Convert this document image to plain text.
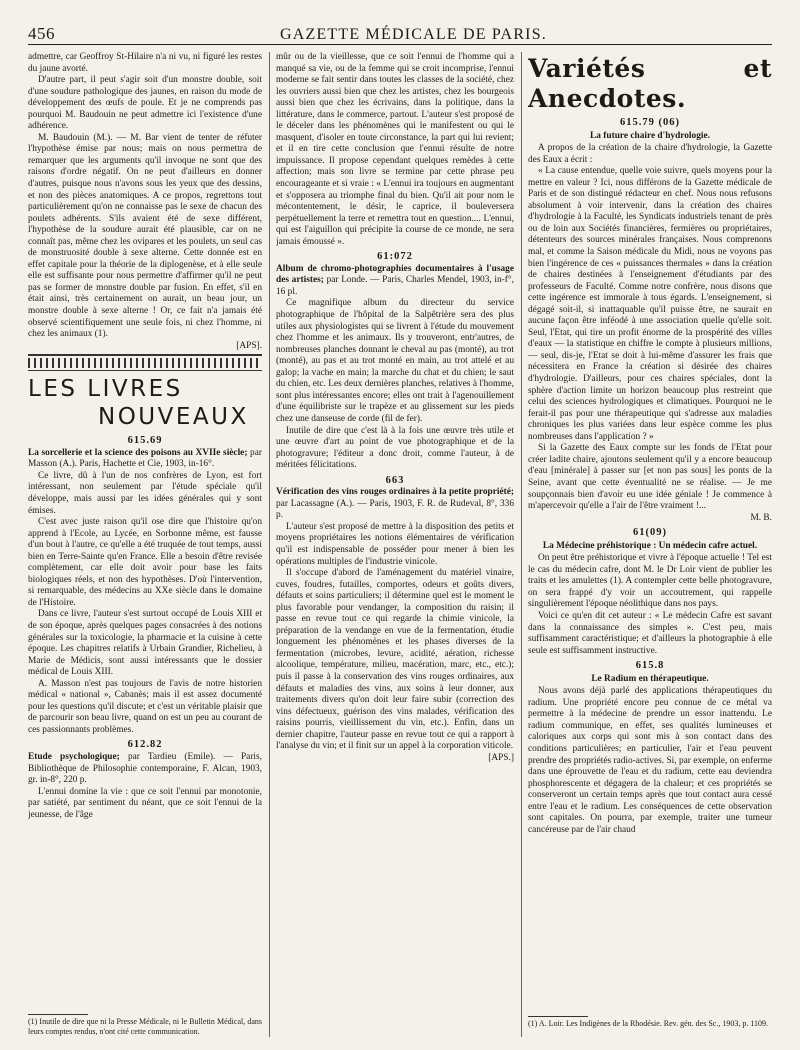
456	GAZETTE MÉDICALE DE PARIS.

admettre, car Geoffroy St-Hilaire n'a ni vu, ni figuré les restes du jaune avorté.

D'autre part, il peut s'agir soit d'un monstre double, soit d'une soudure pathologique des jaunes, en raison du mode de développement des œufs de poule. Et je ne comprends pas pourquoi M. Baudouin ne peut admettre ici l'existence d'une adhérence.

M. Baudouin (M.). — M. Bar vient de tenter de réfuter l'hypothèse émise par nous; mais on nous permettra de remarquer que les arguments qu'il invoque ne sont que des raisons d'ordre négatif. On ne peut d'ailleurs en donner d'autres, puisque nous n'avons sous les yeux que des dessins, et non des pièces anatomiques. A ce propos, regrettons tout particulièrement qu'on ne connaisse pas le sexe de chacun des poulets adhérents. S'ils avaient été de sexe différent, l'hypothèse de la soudure aurait été plausible, car on ne connaît pas, même chez les ovipares et les poulets, un seul cas de monstruosité double à sexe alterne. Cette donnée est en effet capitale pour la théorie de la diplogenèse, et à elle seule elle est suffisante pour nous permettre d'affirmer qu'il ne peut pas se former de monstre double par fusion. En effet, s'il en était ainsi, très certainement on aurait, un beau jour, un monstre double à sexe alterne ! Or, ce fait n'a jamais été observé scientifiquement une seule fois, ni chez l'homme, ni chez les animaux (1).

[APS].

LES LIVRES
NOUVEAUX
615.69

La sorcellerie et la science des poisons au XVIIe siècle; par Masson (A.). Paris, Hachette et Cie, 1903, in-16°.

Ce livre, dû à l'un de nos confrères de Lyon, est fort intéressant, non seulement par l'étude spéciale qu'il développe, mais aussi par les idées générales qui y sont émises.

C'est avec juste raison qu'il ose dire que l'histoire qu'on apprend à l'Ecole, au Lycée, en Sorbonne même, est fausse d'un bout à l'autre, ce qu'elle a été truquée de tout temps, aussi bien en Terre-Sainte qu'en France. Elle a besoin d'être revisée complètement, car elle doit avoir pour base les faits biologiques réels, et non des hypothèses. D'où l'intervention, si remarquable, des médecins au XXe siècle dans le domaine de l'Histoire.

Dans ce livre, l'auteur s'est surtout occupé de Louis XIII et de son époque, après quelques pages consacrées à des notions générales sur la toxicologie, la pharmacie et la cuisine à cette époque. Les chapitres relatifs à Urbain Grandier, Richelieu, à Marie de Médicis, sont aussi intéressants que le dossier médical de Louis XIII.

A. Masson n'est pas toujours de l'avis de notre historien médical « national », Cabanès; mais il est assez documenté pour les questions qu'il discute; et c'est un véritable plaisir que de parcourir son beau livre, quand on est un peu au courant de ces passionnants problèmes.

612.82

Etude psychologique; par Tardieu (Emile). — Paris, Bibliothèque de Philosophie contemporaine, F. Alcan, 1903, gr. in-8°, 220 p.

L'ennui domine la vie : que ce soit l'ennui par monotonie, par satiété, par sentiment du néant, que ce soit l'ennui de la jeunesse, de l'âge

(1) Inutile de dire que ni la Presse Médicale, ni le Bulletin Médical, dans leurs comptes rendus, n'ont cité cette communication.

mûr ou de la vieillesse, que ce soit l'ennui de l'homme qui a manqué sa vie, ou de la femme qui se croit incomprise, l'ennui moderne se fait sentir dans toutes les classes de la société, chez les ouvriers aussi bien que chez les artistes, chez les bourgeois aussi bien que chez les écrivains, dans la politique, dans la littérature, dans le commerce, partout. L'auteur s'est proposé de le déceler dans les phénomènes qui le manifestent ou qui le masquent, d'isoler en toute circonstance, la part qui lui revient; et il en tire cette conclusion que l'ennui résulte de notre impuissance. Il propose cependant quelques remèdes à cette affection; mais son livre se termine par cette phrase peu encourageante et si vraie : « L'ennui ira toujours en augmentant et s'opposera au triomphe final du bien. Qu'il ait pour nom le mécontentement, le désir, le caprice, il bouleversera perpétuellement la terre et remettra tout en question.... L'ennui, qui est l'aiguillon qui précipite la course de ce monde, ne sera jamais émoussé ».

61:072

Album de chromo-photographies documentaires à l'usage des artistes; par Londe. — Paris, Charles Mendel, 1903, in-f°, 16 pl.

Ce magnifique album du directeur du service photographique de l'hôpital de la Salpêtrière sera des plus utiles aux physiologistes qui se livrent à l'étude du mouvement chez l'homme et les animaux. Ils y trouveront, entr'autres, de nombreuses planches donnant le cheval au pas (monté), au trot (monté), au pas et au trot monté en main, au trot attelé et au galop; la vache en main; la marche du chat et du chien; le saut du chien, etc. Les deux dernières planches, relatives à l'homme, sont plus intéressantes encore; elles ont trait à l'agenouillement d'une équilibriste sur le trapèze et au glissement sur les pieds chez une danseuse de corde (fil de fer).

Inutile de dire que c'est là à la fois une œuvre très utile et une œuvre d'art au point de vue photographique et de la photogravure; l'éditeur a donc droit, comme l'auteur, à de méritées félicitations.

663

Vérification des vins rouges ordinaires à la petite propriété; par Lacassagne (A.). — Paris, 1903, F. R. de Rudeval, 8°, 336 p.

L'auteur s'est proposé de mettre à la disposition des petits et moyens propriétaires les notions élémentaires de vérification qu'il est indispensable de posséder pour mener à bien les opérations multiples de l'industrie vinicole.

Il s'occupe d'abord de l'aménagement du matériel vinaire, cuves, foudres, futailles, comportes, odeurs et goûts divers, défauts et soins particuliers; il détermine quel est le moment le plus favorable pour vendanger, la composition du raisin; il passe en revue tout ce qui regarde la chimie vinicole, la préparation de la vendange en vue de la fermentation, étudie longuement les phénomènes et les phases diverses de la fermentation (microbes, levure, acidité, aération, richesse alcoolique, température, milieu, macération, marc, etc., etc.); puis il passe à la conservation des vins rouges ordinaires, aux défauts et maladies des vins, aux soins à leur donner, aux traitements divers qu'on doit leur faire subir (correction des vins défectueux, guérison des vins malades, vérification des raisins pourris, vieillissement du vin, etc.). Enfin, dans un dernier chapitre, l'auteur passe en revue tout ce qui a rapport à l'analyse du vin; et il finit sur un appel à la corporation viticole.

[APS.]

Variétés et Anecdotes.
615.79 (06)
La future chaire d'hydrologie.

A propos de la création de la chaire d'hydrologie, la Gazette des Eaux a écrit :

« La cause entendue, quelle voie suivre, quels moyens pour la mettre en valeur ? Ici, nous différons de la Gazette médicale de Paris et de son distingué rédacteur en chef. Nous nous refusons absolument à voir intervenir, dans la création des chaires d'hydrologie à la Faculté, les Syndicats industriels tenant de près ou de loin aux Sociétés financières, fermières ou propriétaires, détenteurs des sources minérales françaises. Nous comprenons mal, et comme la Saison médicale du Midi, nous ne voyons pas bien l'ingérence de ces « puissances thermales » dans la création de chaires destinées à l'enseignement d'étudiants par des professeurs de Faculté. Comme notre confrère, nous disons que cette ingérence est immorale à tous égards. L'enseignement, si dégagé soit-il, si inattaquable qu'il puisse être, ne saurait en aucune façon être inféodé à une association quelle qu'elle soit. Seul, l'Etat, qui tire un profit énorme de la prospérité des villes d'eaux — la statistique en chiffre le compte à plusieurs millions, — seul, dis-je, l'Etat se doit à lui-même d'assurer les frais que nécessitera en France la création si désirée des chaires d'hydrologie. D'ailleurs, pour ces chaires spéciales, dont la sphère d'action limite un horizon beaucoup plus restreint que celui des sciences hydrologiques et climatiques. Pourquoi ne le ferait-il pas pour une thérapeutique qui s'adresse aux maladies chroniques les plus variées dans leur espèce comme les plus nombreuses dans l'application ? »

Si la Gazette des Eaux compte sur les fonds de l'Etat pour créer ladite chaire, ajoutons seulement qu'il y a encore beaucoup d'eau [minérale] à passer sur [et non pas sous] les ponts de la Seine, avant que cette éventualité ne se réalise. — Je me soupçonnais bien d'avoir eu une idée géniale ! Je commence à m'apercevoir qu'elle a l'air de l'être vraiment !...

M. B.

61(09)
La Médecine préhistorique : Un médecin cafre actuel.

On peut être préhistorique et vivre à l'époque actuelle ! Tel est le cas du médecin cafre, dont M. le Dr Loir vient de publier les traits et les amulettes (1). A contempler cette belle photogravure, on sera frappé d'y voir un accoutrement, qui rappelle singulièrement l'époque néolithique dans nos pays.

Voici ce qu'en dit cet auteur : « Le médecin Cafre est savant dans la connaissance des simples ». C'est peu, mais suffisamment caractéristique; et d'ailleurs la photographie à elle seule est suffisamment instructive.

615.8
Le Radium en thérapeutique.

Nous avons déjà parlé des applications thérapeutiques du radium. Une propriété encore peu connue de ce métal va permettre à la médecine de prendre un essor inattendu. Le radium communique, en effet, ses qualités lumineuses et caloriques aux corps qui sont mis à son contact dans des conditions particulières; en particulier, l'air et l'eau peuvent prendre des propriétés radio-actives. Si, par exemple, on enferme dans une éprouvette de l'eau et du radium, cette eau deviendra phosphorescente et dégagera de la chaleur; et ces propriétés se conserveront un certain temps après que tout contact aura cessé entre l'eau et le radium. Les conséquences de cette observation sont capitales. On pourra, par exemple, traiter une tumeur cancéreuse par de l'air chaud

(1) A. Loir. Les Indigènes de la Rhodésie. Rev. gén. des Sc., 1903, p. 1109.
